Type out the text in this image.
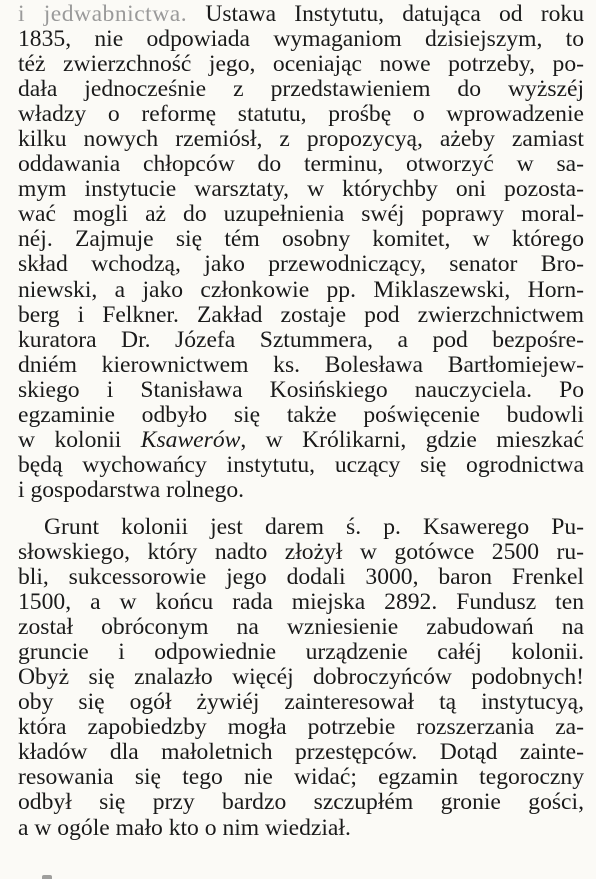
i jedwabnictwa. Ustawa Instytutu, datująca od roku
1835, nie odpowiada wymaganiom dzisiejszym, to
téż zwierzchność jego, oceniając nowe potrzeby, po-
dała jednocześnie z przedstawieniem do wyższéj
władzy o reformę statutu, prośbę o wprowadzenie
kilku nowych rzemiósł, z propozycyą, ażeby zamiast
oddawania chłopców do terminu, otworzyć w sa-
mym instytucie warsztaty, w którychby oni pozosta-
wać mogli aż do uzupełnienia swéj poprawy moral-
néj. Zajmuje się tém osobny komitet, w którego
skład wchodzą, jako przewodniczący, senator Bro-
niewski, a jako członkowie pp. Miklaszewski, Horn-
berg i Felkner. Zakład zostaje pod zwierzchnictwem
kuratora Dr. Józefa Sztummera, a pod bezpośre-
dniém kierownictwem ks. Bolesława Bartłomiejew-
skiego i Stanisława Kosińskiego nauczyciela. Po
egzaminie odbyło się także poświęcenie budowli
w kolonii Ksawerów, w Królikarni, gdzie mieszkać
będą wychowańcy instytutu, uczący się ogrodnictwa
i gospodarstwa rolnego.
Grunt kolonii jest darem ś. p. Ksawerego Pu-
słowskiego, który nadto złożył w gotówce 2500 ru-
bli, sukcessorowie jego dodali 3000, baron Frenkel
1500, a w końcu rada miejska 2892. Fundusz ten
został obróconym na wzniesienie zabudowań na
gruncie i odpowiednie urządzenie całéj kolonii.
Obyż się znalazło więcéj dobroczyńców podobnych!
oby się ogół żywiéj zainteresował tą instytucyą,
która zapobiedzby mogła potrzebie rozszerzania za-
kładów dla małoletnich przestępców. Dotąd zainte-
resowania się tego nie widać; egzamin tegoroczny
odbył się przy bardzo szczupłém gronie gości,
a w ogóle mało kto o nim wiedział.
